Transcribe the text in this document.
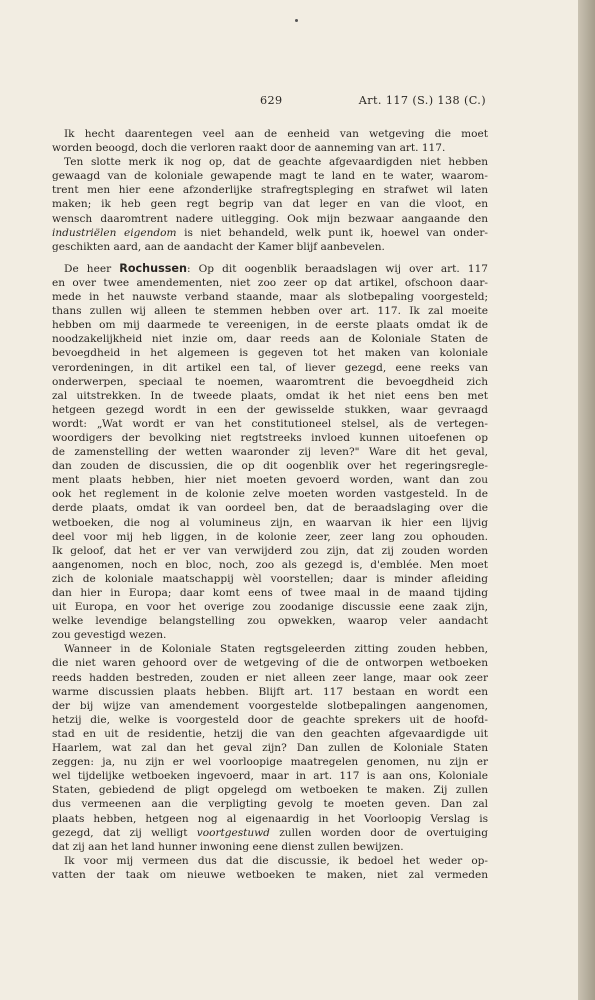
629	Art. 117 (S.) 138 (C.)
Ik hecht daarentegen veel aan de eenheid van wetgeving die moet
worden beoogd, doch die verloren raakt door de aanneming van art. 117.
Ten slotte merk ik nog op, dat de geachte afgevaardigden niet hebben
gewaagd van de koloniale gewapende magt te land en te water, waarom-
trent men hier eene afzonderlijke strafregtspleging en strafwet wil laten
maken; ik heb geen regt begrip van dat leger en van die vloot, en
wensch daaromtrent nadere uitlegging. Ook mijn bezwaar aangaande den
industriëlen eigendom is niet behandeld, welk punt ik, hoewel van onder-
geschikten aard, aan de aandacht der Kamer blijf aanbevelen.
De heer Rochussen: Op dit oogenblik beraadslagen wij over art. 117
en over twee amendementen, niet zoo zeer op dat artikel, ofschoon daar-
mede in het nauwste verband staande, maar als slotbepaling voorgesteld;
thans zullen wij alleen te stemmen hebben over art. 117. Ik zal moeite
hebben om mij daarmede te vereenigen, in de eerste plaats omdat ik de
noodzakelijkheid niet inzie om, daar reeds aan de Koloniale Staten de
bevoegdheid in het algemeen is gegeven tot het maken van koloniale
verordeningen, in dit artikel een tal, of liever gezegd, eene reeks van
onderwerpen, speciaal te noemen, waaromtrent die bevoegdheid zich
zal uitstrekken. In de tweede plaats, omdat ik het niet eens ben met
hetgeen gezegd wordt in een der gewisselde stukken, waar gevraagd
wordt: „Wat wordt er van het constitutioneel stelsel, als de vertegen-
woordigers der bevolking niet regtstreeks invloed kunnen uitoefenen op
de zamenstelling der wetten waaronder zij leven?" Ware dit het geval,
dan zouden de discussien, die op dit oogenblik over het regeringsregle-
ment plaats hebben, hier niet moeten gevoerd worden, want dan zou
ook het reglement in de kolonie zelve moeten worden vastgesteld. In de
derde plaats, omdat ik van oordeel ben, dat de beraadslaging over die
wetboeken, die nog al volumineus zijn, en waarvan ik hier een lijvig
deel voor mij heb liggen, in de kolonie zeer, zeer lang zou ophouden.
Ik geloof, dat het er ver van verwijderd zou zijn, dat zij zouden worden
aangenomen, noch en bloc, noch, zoo als gezegd is, d'emblée. Men moet
zich de koloniale maatschappij wèl voorstellen; daar is minder afleiding
dan hier in Europa; daar komt eens of twee maal in de maand tijding
uit Europa, en voor het overige zou zoodanige discussie eene zaak zijn,
welke levendige belangstelling zou opwekken, waarop veler aandacht
zou gevestigd wezen.
Wanneer in de Koloniale Staten regtsgeleerden zitting zouden hebben,
die niet waren gehoord over de wetgeving of die de ontworpen wetboeken
reeds hadden bestreden, zouden er niet alleen zeer lange, maar ook zeer
warme discussien plaats hebben. Blijft art. 117 bestaan en wordt een
der bij wijze van amendement voorgestelde slotbepalingen aangenomen,
hetzij die, welke is voorgesteld door de geachte sprekers uit de hoofd-
stad en uit de residentie, hetzij die van den geachten afgevaardigde uit
Haarlem, wat zal dan het geval zijn? Dan zullen de Koloniale Staten
zeggen: ja, nu zijn er wel voorloopige maatregelen genomen, nu zijn er
wel tijdelijke wetboeken ingevoerd, maar in art. 117 is aan ons, Koloniale
Staten, gebiedend de pligt opgelegd om wetboeken te maken. Zij zullen
dus vermeenen aan die verpligting gevolg te moeten geven. Dan zal
plaats hebben, hetgeen nog al eigenaardig in het Voorloopig Verslag is
gezegd, dat zij welligt voortgestuwd zullen worden door de overtuiging
dat zij aan het land hunner inwoning eene dienst zullen bewijzen.
Ik voor mij vermeen dus dat die discussie, ik bedoel het weder op-
vatten der taak om nieuwe wetboeken te maken, niet zal vermeden
